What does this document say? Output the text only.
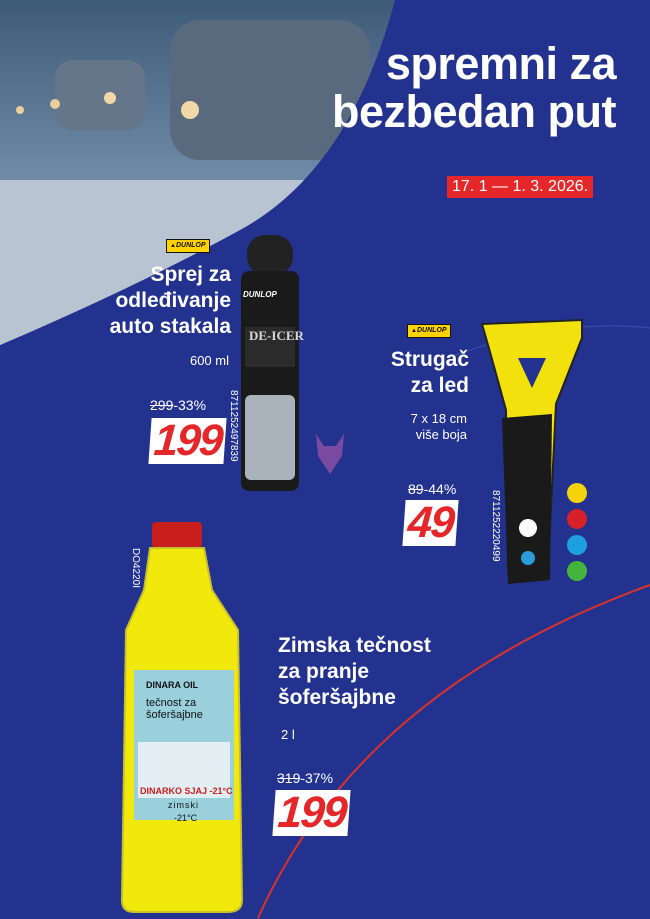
spremni za
bezbedan put
17. 1 — 1. 3. 2026.
DUNLOP
DE-ICER
▲ DUNLOP
Sprej za
odleđivanje
auto stakala
600 ml
299-33%
199 8711252497839
▲ DUNLOP
Strugač
za led
7 x 18 cm
više boja
89-44%
49	8711252220499
DINARA OIL
tečnost za
šoferšajbne
DINARKO SJAJ -21°C
zimski
-21°C
DO4220I
Zimska tečnost
za pranje
šoferšajbne
2 l
319-37%
199
